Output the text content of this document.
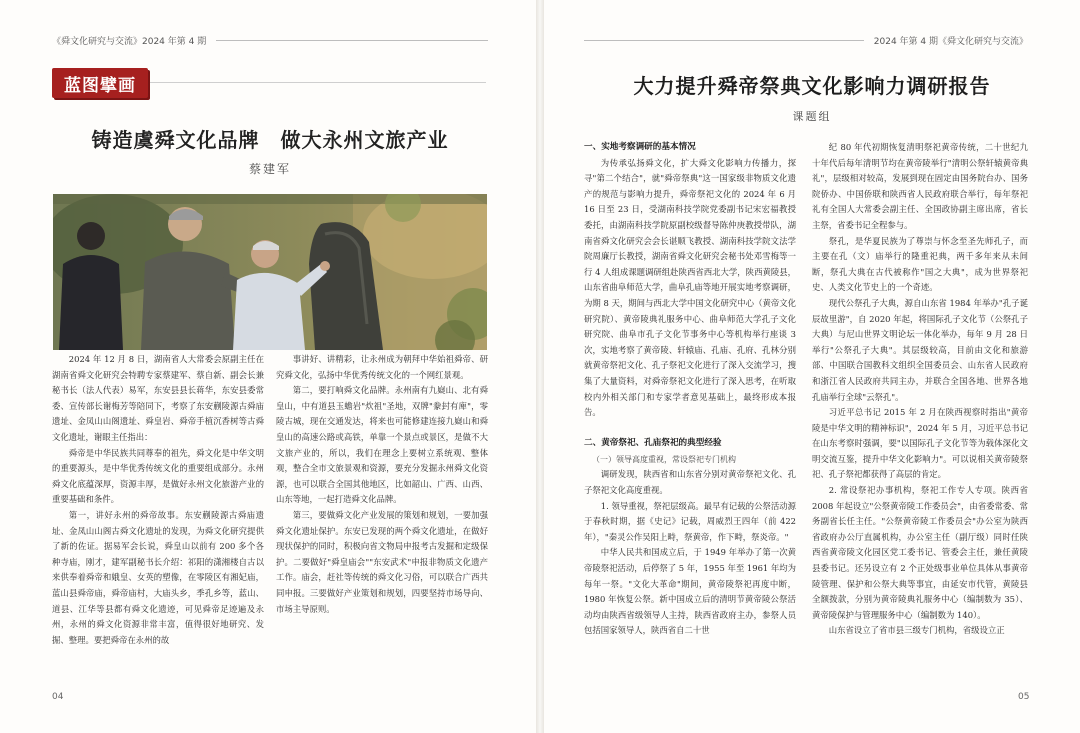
《舜文化研究与交流》2024 年第 4 期
蓝图擘画
铸造虞舜文化品牌　做大永州文旅产业
蔡建军

2024 年 12 月 8 日，湖南省人大常委会原副主任在湖南省舜文化研究会特聘专家蔡建军、蔡自新、副会长兼秘书长（法人代表）易军，东安县县长蒋华，东安县委常委、宣传部长谢梅芳等陪同下，考察了东安蒯陵源古舜庙遗址、金凤山山阁遗址、舜皇岩、舜帝手植沉香树等古舜文化遗址，谢眼主任指出：

舜帝是中华民族共同尊奉的祖先，舜文化是中华文明的重要源头，是中华优秀传统文化的重要组成部分。永州舜文化底蕴深厚，资源丰厚，是做好永州文化旅游产业的重要基础和条件。

第一，讲好永州的舜帝故事。东安蒯陵源古舜庙遗址、金凤山山阁古舜文化遗址的发现，为舜文化研究提供了新的佐证。据易军会长说，舜皇山以前有 200 多个各种寺庙，刚才，建军副秘书长介绍：祁阳的潇湘楼自古以来供奉着舜帝和娥皇、女英的塑像，在零陵区有湘妃庙，蓝山县舜帝庙，舜帝庙村，大庙头乡，季孔乡等，蓝山、道县、江华等县都有舜文化遗迹，可见舜帝足迹遍及永州，永州的舜文化资源非常丰富，值得很好地研究、发掘、整理。要把舜帝在永州的故

事讲好、讲精彩，让永州成为朝拜中华始祖舜帝、研究舜文化，弘扬中华优秀传统文化的一个网红景观。

第二，要打响舜文化品牌。永州南有九嶷山、北有舜皇山，中有道县玉蟾岩"炊祖"圣地，双牌"豢封有庳"，零陵古城，现在交通发达，将来也可能修建连接九嶷山和舜皇山的高速公路或高铁，单靠一个景点或景区，是做不大文旅产业的，所以，我们在理念上要树立系统观、整体观，整合全市文旅景观和资源，要充分发掘永州舜文化资源，也可以联合全国其他地区，比如韶山、广西、山西、山东等地，一起打造舜文化品牌。

第三，要做舜文化产业发展的策划和规划，一要加强舜文化遗址保护。东安已发现的两个舜文化遗址，在做好现状保护的同时，积极向省文物局申报考古发掘和定级保护。二要做好"舜皇庙会""东安武术"申报非物质文化遗产工作。庙会，赶社等传统的舜文化习俗，可以联合广西共同申报。三要做好产业策划和规划，四要坚持市场导向、市场主导原则。

04
2024 年第 4 期《舜文化研究与交流》
大力提升舜帝祭典文化影响力调研报告
课题组
一、实地考察调研的基本情况

为传承弘扬舜文化，扩大舜文化影响力传播力，探寻"第二个结合"，就"舜帝祭典"这一国家级非物质文化遗产的规范与影响力提升，舜帝祭祀文化的 2024 年 6 月 16 日至 23 日，受湖南科技学院党委副书记宋宏福教授委托，由湖南科技学院原副校级督导陈仲庚教授带队，湖南省舜文化研究会会长谌顺飞教授、湖南科技学院文法学院周廉厅长教授，湖南省舜文化研究会秘书处邓雪梅等一行 4 人组成课题调研组赴陕西省西北大学，陕西黄陵县，山东省曲阜师范大学，曲阜孔庙等地开展实地考察调研，为期 8 天，期间与西北大学中国文化研究中心（黄帝文化研究院）、黄帝陵典礼服务中心、曲阜师范大学孔子文化研究院、曲阜市孔子文化节事务中心等机构举行座谈 3 次，实地考察了黄帝陵、轩辕庙、孔庙、孔府、孔林分别就黄帝祭祀文化、孔子祭祀文化进行了深入交流学习，搜集了大量资料，对舜帝祭祀文化进行了深入思考，在听取校内外相关部门和专家学者意见基础上，最终形成本报告。

二、黄帝祭祀、孔庙祭祀的典型经验

（一）领导高度重视，常设祭祀专门机构

调研发现，陕西省和山东省分别对黄帝祭祀文化、孔子祭祀文化高度重视。

1. 领导重视，祭祀层级高。最早有记载的公祭活动源于春秋时期，据《史记》记载，周威烈王四年（前 422 年），"秦灵公作吴阳上畤，祭黄帝，作下畤，祭炎帝。"

中华人民共和国成立后，于 1949 年举办了第一次黄帝陵祭祀活动，后停祭了 5 年，1955 年至 1961 年均为每年一祭。"文化大革命"期间，黄帝陵祭祀再度中断，1980 年恢复公祭。新中国成立后的清明节黄帝陵公祭活动均由陕西省级领导人主持，陕西省政府主办，参祭人员包括国家领导人，陕西省自二十世

纪 80 年代初期恢复清明祭祀黄帝传统，二十世纪九十年代后每年清明节均在黄帝陵举行"清明公祭轩辕黄帝典礼"，层级相对较高，发展到现在固定由国务院台办、国务院侨办、中国侨联和陕西省人民政府联合举行，每年祭祀礼有全国人大常委会副主任、全国政协副主席出席，省长主祭，省委书记全程参与。

祭孔，是华夏民族为了尊崇与怀念至圣先师孔子，而主要在孔（文）庙举行的隆重祀典，两千多年来从未间断，祭孔大典在古代被称作"国之大典"，成为世界祭祀史、人类文化节史上的一个奇迹。

现代公祭孔子大典，源自山东省 1984 年举办"孔子诞辰故里游"，自 2020 年起，将国际孔子文化节（公祭孔子大典）与尼山世界文明论坛一体化举办，每年 9 月 28 日举行"公祭孔子大典"。其层级较高，目前由文化和旅游部、中国联合国教科文组织全国委员会、山东省人民政府和浙江省人民政府共同主办，并联合全国各地、世界各地孔庙举行全球"云祭孔"。

习近平总书记 2015 年 2 月在陕西视察时指出"黄帝陵是中华文明的精神标识"，2024 年 5 月，习近平总书记在山东考察时强调，要"以国际孔子文化节等为载体深化文明交流互鉴，提升中华文化影响力"。可以说相关黄帝陵祭祀、孔子祭祀都获得了高层的肯定。

2. 常设祭祀办事机构，祭祀工作专人专项。陕西省 2008 年起设立"公祭黄帝陵工作委员会"，由省委常委、常务副省长任主任。"公祭黄帝陵工作委员会"办公室为陕西省政府办公厅直属机构，办公室主任（副厅级）同时任陕西省黄帝陵文化园区党工委书记、管委会主任，兼任黄陵县委书记。还另设立有 2 个正处级事业单位具体从事黄帝陵管理、保护和公祭大典等事宜，由延安市代管，黄陵县全额拨款，分别为黄帝陵典礼服务中心（编制数为 35）、黄帝陵保护与管理服务中心（编制数为 140）。

山东省设立了省市县三级专门机构，省级设立正

05
